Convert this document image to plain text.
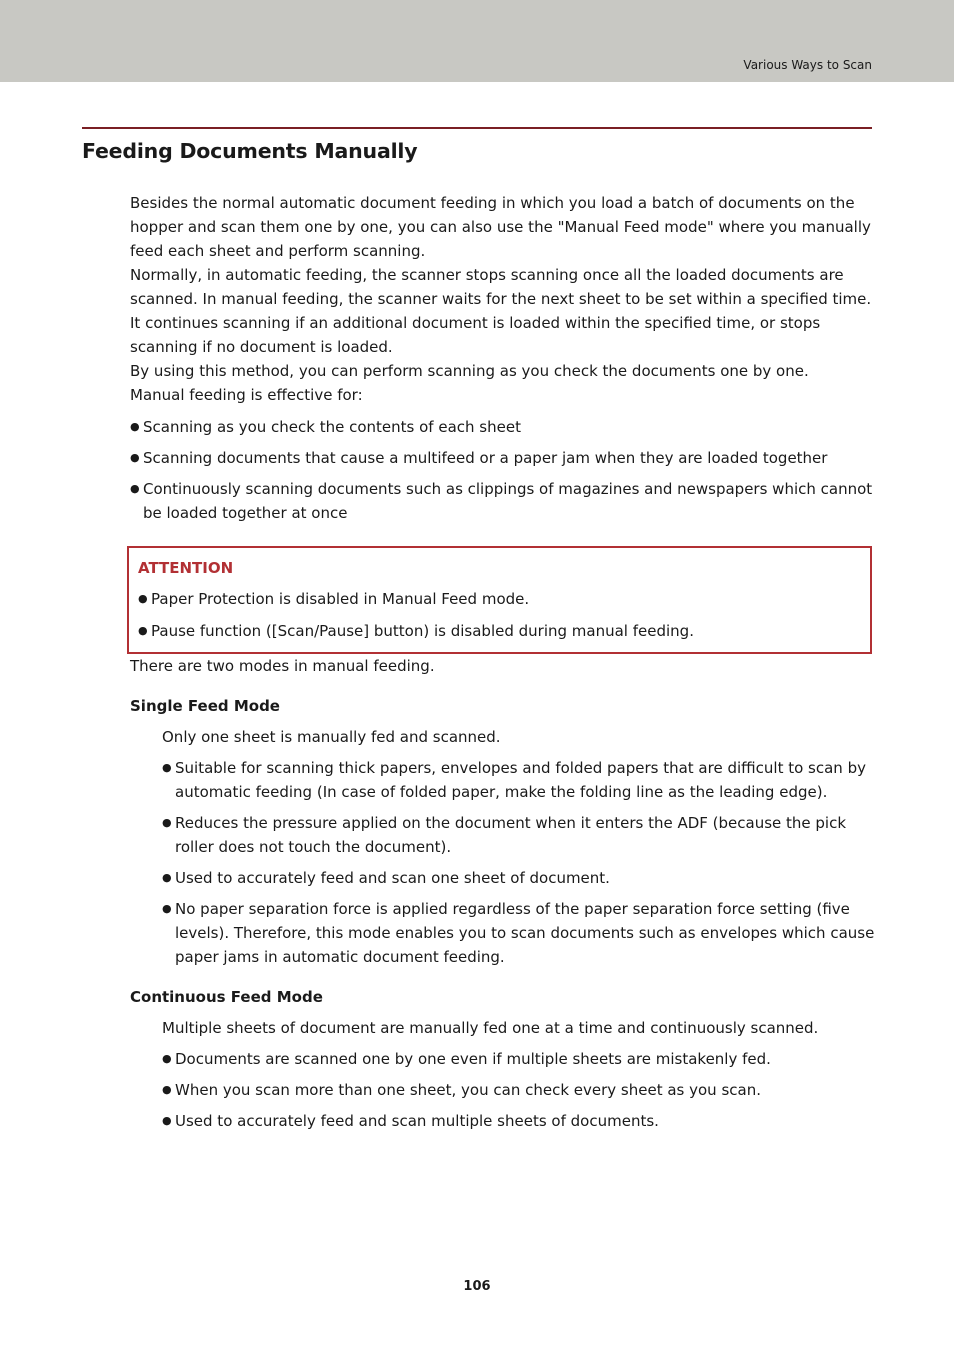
Various Ways to Scan
Feeding Documents Manually

Besides the normal automatic document feeding in which you load a batch of documents on the hopper and scan them one by one, you can also use the "Manual Feed mode" where you manually feed each sheet and perform scanning.

Normally, in automatic feeding, the scanner stops scanning once all the loaded documents are scanned. In manual feeding, the scanner waits for the next sheet to be set within a specified time. It continues scanning if an additional document is loaded within the specified time, or stops scanning if no document is loaded.

By using this method, you can perform scanning as you check the documents one by one.

Manual feeding is effective for:

● Scanning as you check the contents of each sheet
● Scanning documents that cause a multifeed or a paper jam when they are loaded together
● Continuously scanning documents such as clippings of magazines and newspapers which cannot be loaded together at once
ATTENTION
● Paper Protection is disabled in Manual Feed mode.
● Pause function ([Scan/Pause] button) is disabled during manual feeding.

There are two modes in manual feeding.

Single Feed Mode

Only one sheet is manually fed and scanned.

● Suitable for scanning thick papers, envelopes and folded papers that are difficult to scan by automatic feeding (In case of folded paper, make the folding line as the leading edge).
● Reduces the pressure applied on the document when it enters the ADF (because the pick roller does not touch the document).
● Used to accurately feed and scan one sheet of document.
● No paper separation force is applied regardless of the paper separation force setting (five levels). Therefore, this mode enables you to scan documents such as envelopes which cause paper jams in automatic document feeding.
Continuous Feed Mode

Multiple sheets of document are manually fed one at a time and continuously scanned.

● Documents are scanned one by one even if multiple sheets are mistakenly fed.
● When you scan more than one sheet, you can check every sheet as you scan.
● Used to accurately feed and scan multiple sheets of documents.
106
